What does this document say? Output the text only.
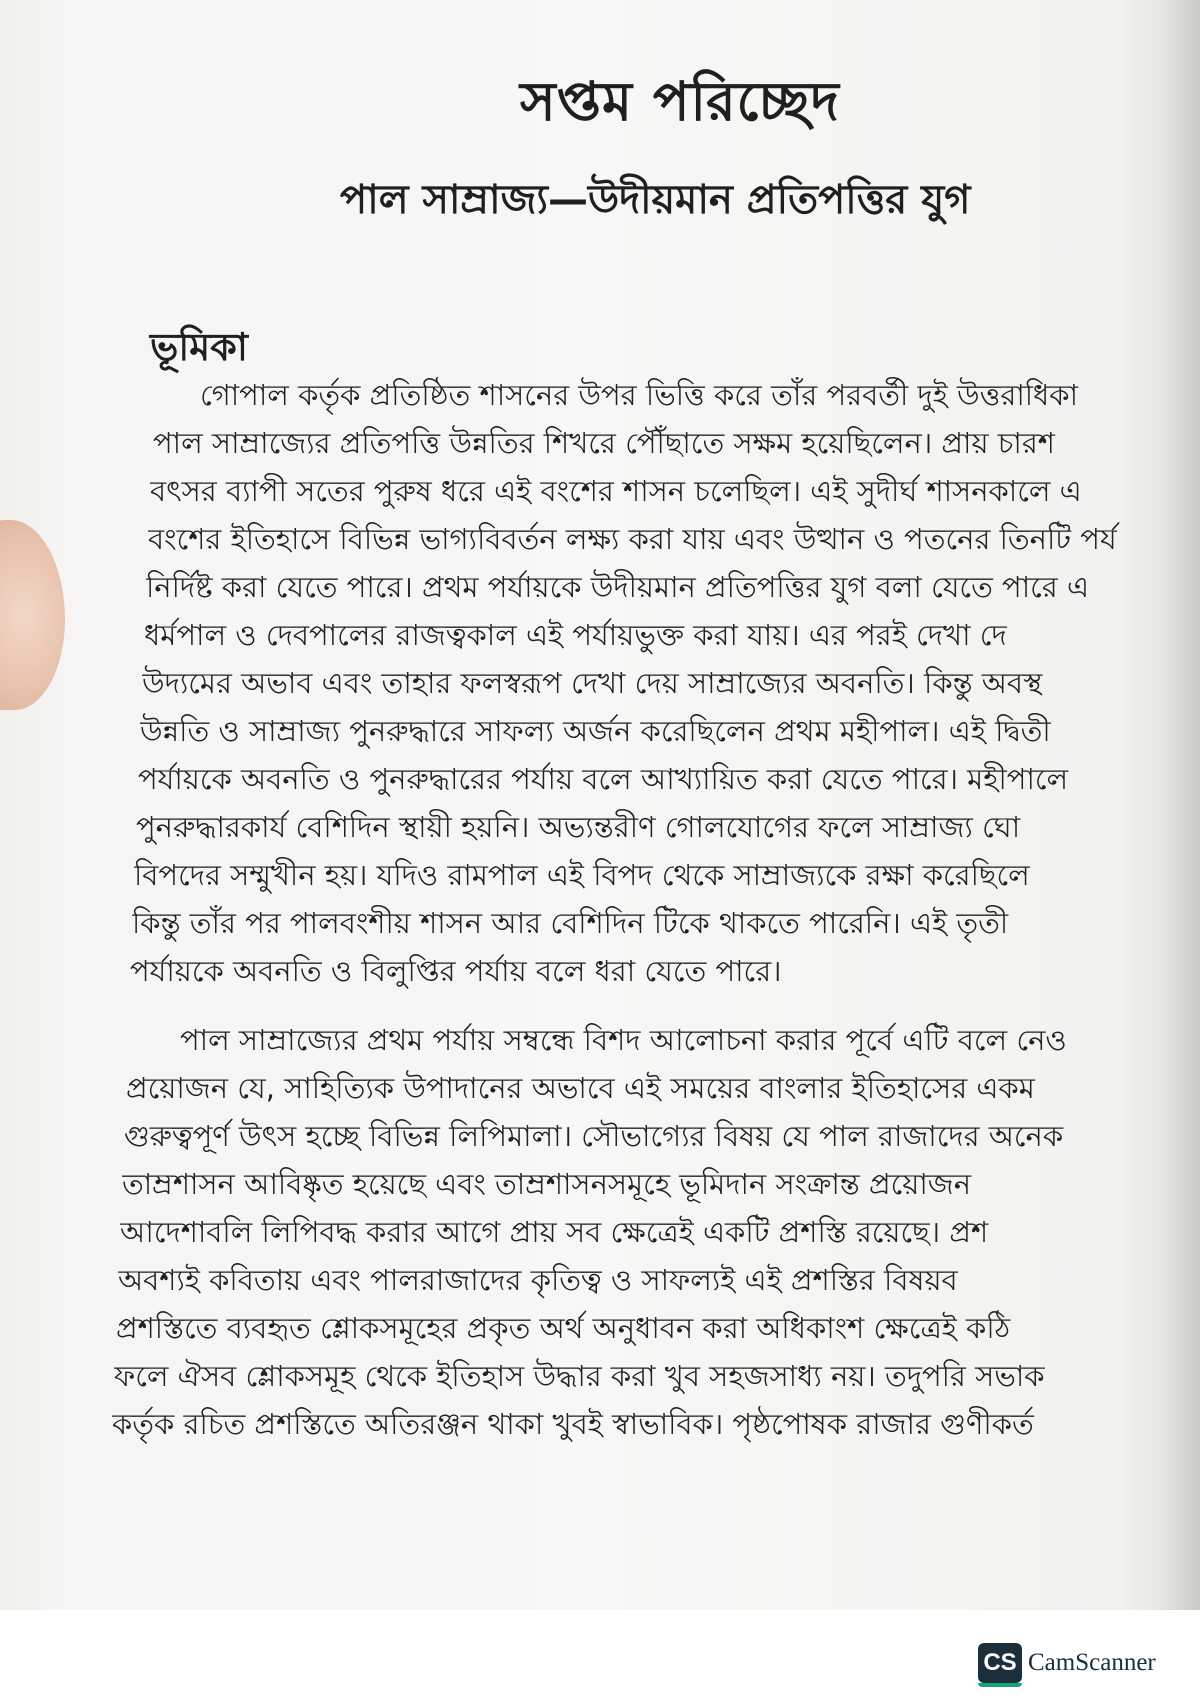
সপ্তম পরিচ্ছেদ
পাল সাম্রাজ্য—উদীয়মান প্রতিপত্তির যুগ
ভূমিকা
গোপাল কর্তৃক প্রতিষ্ঠিত শাসনের উপর ভিত্তি করে তাঁর পরবর্তী দুই উত্তরাধিকা
পাল সাম্রাজ্যের প্রতিপত্তি উন্নতির শিখরে পৌঁছাতে সক্ষম হয়েছিলেন। প্রায় চারশ
বৎসর ব্যাপী সতের পুরুষ ধরে এই বংশের শাসন চলেছিল। এই সুদীর্ঘ শাসনকালে এ
বংশের ইতিহাসে বিভিন্ন ভাগ্যবিবর্তন লক্ষ্য করা যায় এবং উত্থান ও পতনের তিনটি পর্য
নির্দিষ্ট করা যেতে পারে। প্রথম পর্যায়কে উদীয়মান প্রতিপত্তির যুগ বলা যেতে পারে এ
ধর্মপাল ও দেবপালের রাজত্বকাল এই পর্যায়ভুক্ত করা যায়। এর পরই দেখা দে
উদ্যমের অভাব এবং তাহার ফলস্বরূপ দেখা দেয় সাম্রাজ্যের অবনতি। কিন্তু অবস্থ
উন্নতি ও সাম্রাজ্য পুনরুদ্ধারে সাফল্য অর্জন করেছিলেন প্রথম মহীপাল। এই দ্বিতী
পর্যায়কে অবনতি ও পুনরুদ্ধারের পর্যায় বলে আখ্যায়িত করা যেতে পারে। মহীপালে
পুনরুদ্ধারকার্য বেশিদিন স্থায়ী হয়নি। অভ্যন্তরীণ গোলযোগের ফলে সাম্রাজ্য ঘো
বিপদের সম্মুখীন হয়। যদিও রামপাল এই বিপদ থেকে সাম্রাজ্যকে রক্ষা করেছিলে
কিন্তু তাঁর পর পালবংশীয় শাসন আর বেশিদিন টিকে থাকতে পারেনি। এই তৃতী
পর্যায়কে অবনতি ও বিলুপ্তির পর্যায় বলে ধরা যেতে পারে।
পাল সাম্রাজ্যের প্রথম পর্যায় সম্বন্ধে বিশদ আলোচনা করার পূর্বে এটি বলে নেও
প্রয়োজন যে, সাহিত্যিক উপাদানের অভাবে এই সময়ের বাংলার ইতিহাসের একম
গুরুত্বপূর্ণ উৎস হচ্ছে বিভিন্ন লিপিমালা। সৌভাগ্যের বিষয় যে পাল রাজাদের অনেক
তাম্রশাসন আবিষ্কৃত হয়েছে এবং তাম্রশাসনসমূহে ভূমিদান সংক্রান্ত প্রয়োজন
আদেশাবলি লিপিবদ্ধ করার আগে প্রায় সব ক্ষেত্রেই একটি প্রশস্তি রয়েছে। প্রশ
অবশ্যই কবিতায় এবং পালরাজাদের কৃতিত্ব ও সাফল্যই এই প্রশস্তির বিষয়ব
প্রশস্তিতে ব্যবহৃত শ্লোকসমূহের প্রকৃত অর্থ অনুধাবন করা অধিকাংশ ক্ষেত্রেই কঠি
ফলে ঐসব শ্লোকসমূহ থেকে ইতিহাস উদ্ধার করা খুব সহজসাধ্য নয়। তদুপরি সভাক
কর্তৃক রচিত প্রশস্তিতে অতিরঞ্জন থাকা খুবই স্বাভাবিক। পৃষ্ঠপোষক রাজার গুণীকর্ত
CS CamScanner
